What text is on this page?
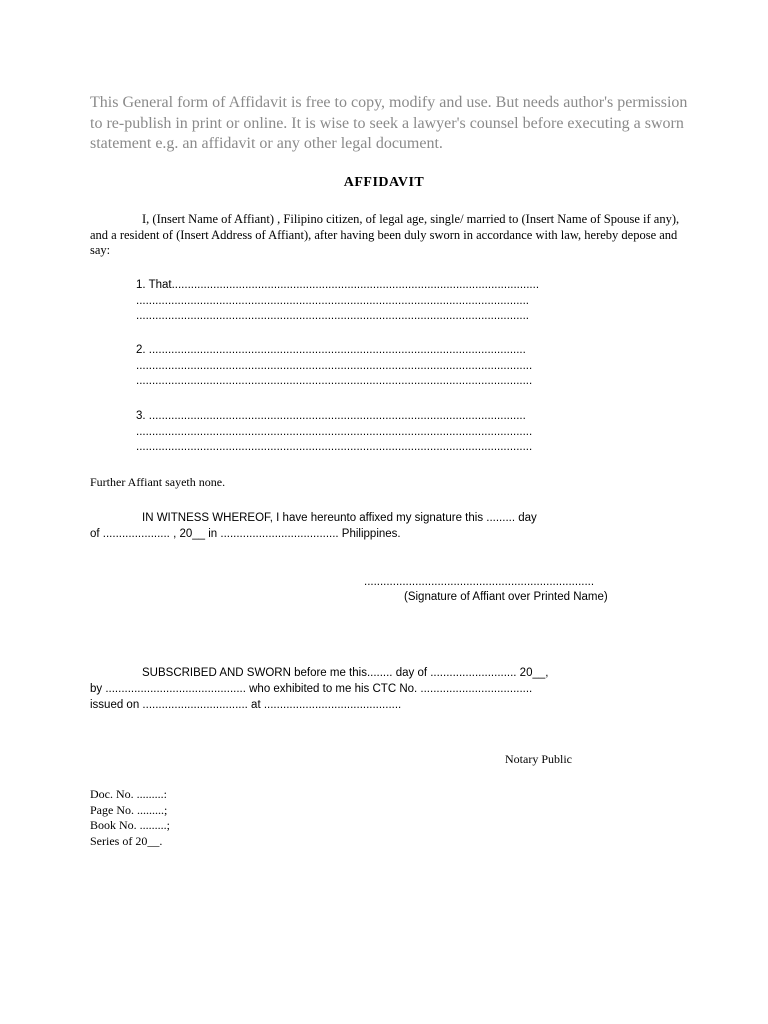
This General form of Affidavit is free to copy, modify and use. But needs author's permission to re-publish in print or online. It is wise to seek a lawyer's counsel before executing a sworn statement e.g. an affidavit or any other legal document.
AFFIDAVIT
I, (Insert Name of Affiant) , Filipino citizen, of legal age, single/ married to (Insert Name of Spouse if any), and a resident of (Insert Address of Affiant), after having been duly sworn in accordance with law, hereby depose and say:
1. That...................................................................................................................
...........................................................................................................................
...........................................................................................................................
2. ......................................................................................................................
............................................................................................................................
............................................................................................................................
3. ......................................................................................................................
............................................................................................................................
............................................................................................................................
Further Affiant sayeth none.
IN WITNESS WHEREOF, I have hereunto affixed my signature this ......... day
of ..................... , 20__ in ..................................... Philippines.
........................................................................
(Signature of Affiant over Printed Name)
SUBSCRIBED AND SWORN before me this........ day of ........................... 20__,
by ............................................ who exhibited to me his CTC No. ...................................
issued on ................................. at ...........................................
Notary Public
Doc. No. .........:
Page No. .........;
Book No. .........;
Series of 20__.
